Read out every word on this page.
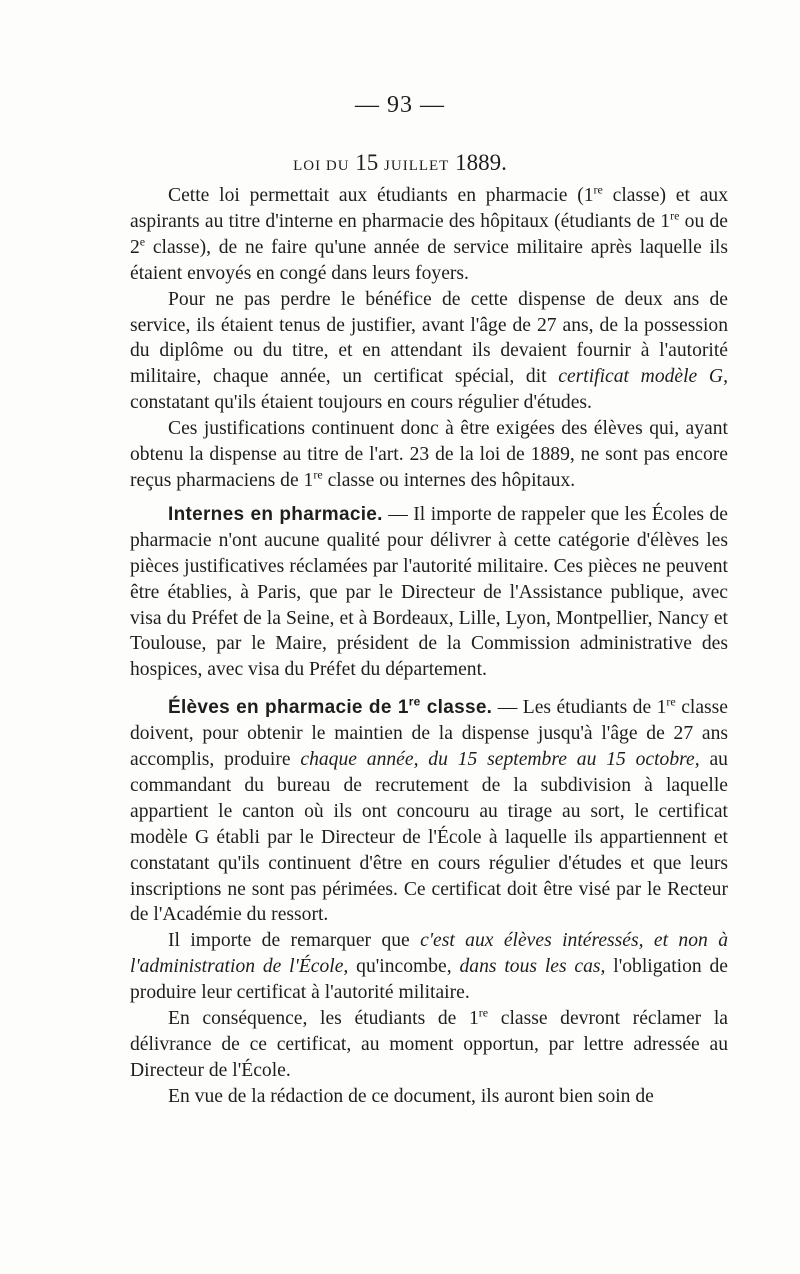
— 93 —
LOI DU 15 JUILLET 1889.

Cette loi permettait aux étudiants en pharmacie (1re classe) et aux aspirants au titre d'interne en pharmacie des hôpitaux (étudiants de 1re ou de 2e classe), de ne faire qu'une année de service militaire après laquelle ils étaient envoyés en congé dans leurs foyers.

Pour ne pas perdre le bénéfice de cette dispense de deux ans de service, ils étaient tenus de justifier, avant l'âge de 27 ans, de la possession du diplôme ou du titre, et en attendant ils devaient fournir à l'autorité militaire, chaque année, un certificat spécial, dit certificat modèle G, constatant qu'ils étaient toujours en cours régulier d'études.

Ces justifications continuent donc à être exigées des élèves qui, ayant obtenu la dispense au titre de l'art. 23 de la loi de 1889, ne sont pas encore reçus pharmaciens de 1re classe ou internes des hôpitaux.

Internes en pharmacie. — Il importe de rappeler que les Écoles de pharmacie n'ont aucune qualité pour délivrer à cette catégorie d'élèves les pièces justificatives réclamées par l'autorité militaire. Ces pièces ne peuvent être établies, à Paris, que par le Directeur de l'Assistance publique, avec visa du Préfet de la Seine, et à Bordeaux, Lille, Lyon, Montpellier, Nancy et Toulouse, par le Maire, président de la Commission administrative des hospices, avec visa du Préfet du département.

Élèves en pharmacie de 1re classe. — Les étudiants de 1re classe doivent, pour obtenir le maintien de la dispense jusqu'à l'âge de 27 ans accomplis, produire chaque année, du 15 septembre au 15 octobre, au commandant du bureau de recrutement de la subdivision à laquelle appartient le canton où ils ont concouru au tirage au sort, le certificat modèle G établi par le Directeur de l'École à laquelle ils appartiennent et constatant qu'ils continuent d'être en cours régulier d'études et que leurs inscriptions ne sont pas périmées. Ce certificat doit être visé par le Recteur de l'Académie du ressort.

Il importe de remarquer que c'est aux élèves intéressés, et non à l'administration de l'École, qu'incombe, dans tous les cas, l'obligation de produire leur certificat à l'autorité militaire.

En conséquence, les étudiants de 1re classe devront réclamer la délivrance de ce certificat, au moment opportun, par lettre adressée au Directeur de l'École.

En vue de la rédaction de ce document, ils auront bien soin de
